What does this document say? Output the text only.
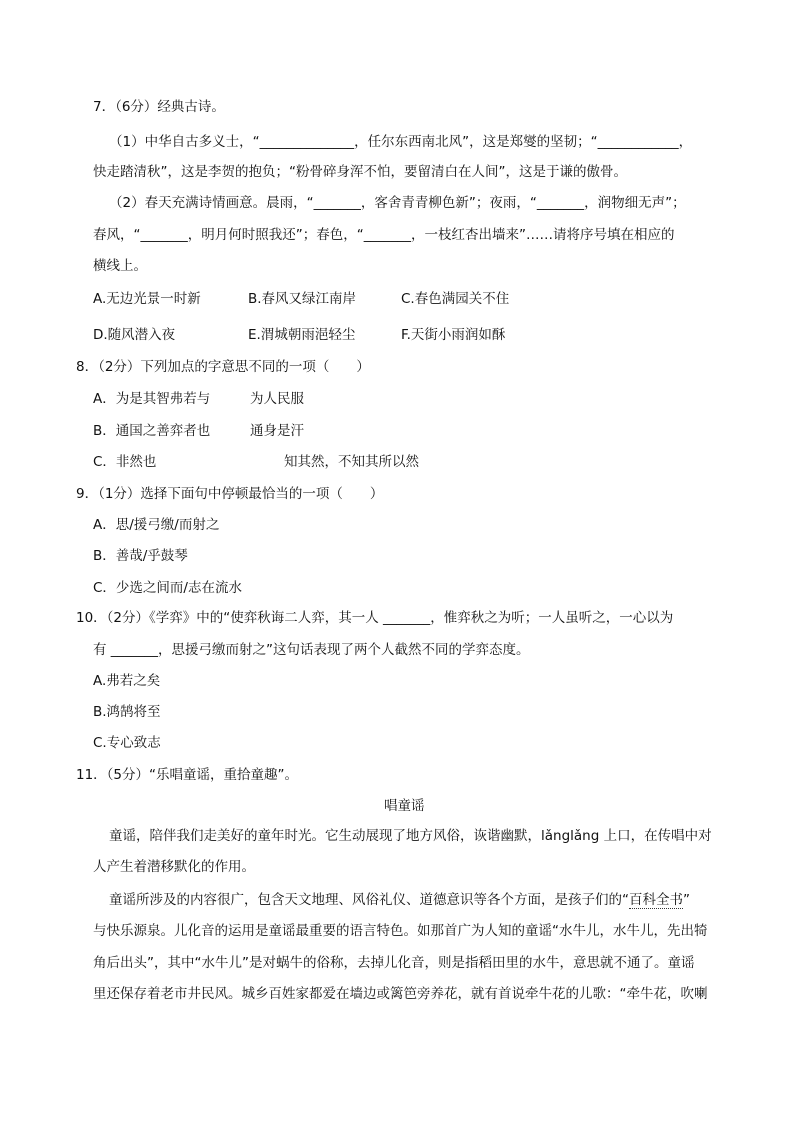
7．（6分）经典古诗。
（1）中华自古多义士，“______________，任尔东西南北风”，这是郑燮的坚韧；“____________，
快走踏清秋”，这是李贺的抱负；“粉骨碎身浑不怕，要留清白在人间”，这是于谦的傲骨。
（2）春天充满诗情画意。晨雨，“_______，客舍青青柳色新”；夜雨，“_______，润物细无声”；
春风，“_______，明月何时照我还”；春色，“_______，一枝红杏出墙来”……请将序号填在相应的
横线上。
A.无边光景一时新	B.春风又绿江南岸	C.春色满园关不住
D.随风潜入夜	E.渭城朝雨浥轻尘	F.天街小雨润如酥
8．（2分）下列加点的字意思不同的一项（　　）
A．为是其智弗若与	为人民服
B．通国之善弈者也	通身是汗
C．非然也	知其然，不知其所以然
9．（1分）选择下面句中停顿最恰当的一项（　　）
A．思/援弓缴/而射之
B．善哉/乎鼓琴
C．少选之间而/志在流水
10．（2分）《学弈》中的“使弈秋诲二人弈，其一人 _______，惟弈秋之为听；一人虽听之，一心以为
有 _______，思援弓缴而射之”这句话表现了两个人截然不同的学弈态度。
A.弗若之矣
B.鸿鹄将至
C.专心致志
11．（5分）“乐唱童谣，重拾童趣”。
唱童谣
童谣，陪伴我们走美好的童年时光。它生动展现了地方风俗，诙谐幽默，lǎnglǎng 上口，在传唱中对
人产生着潜移默化的作用。
童谣所涉及的内容很广，包含天文地理、风俗礼仪、道德意识等各个方面，是孩子们的“百科全书”
与快乐源泉。儿化音的运用是童谣最重要的语言特色。如那首广为人知的童谣“水牛儿，水牛儿，先出犄
角后出头”，其中“水牛儿”是对蜗牛的俗称，去掉儿化音，则是指稻田里的水牛，意思就不通了。童谣
里还保存着老市井民风。城乡百姓家都爱在墙边或篱笆旁养花，就有首说牵牛花的儿歌：“牵牛花，吹喇
